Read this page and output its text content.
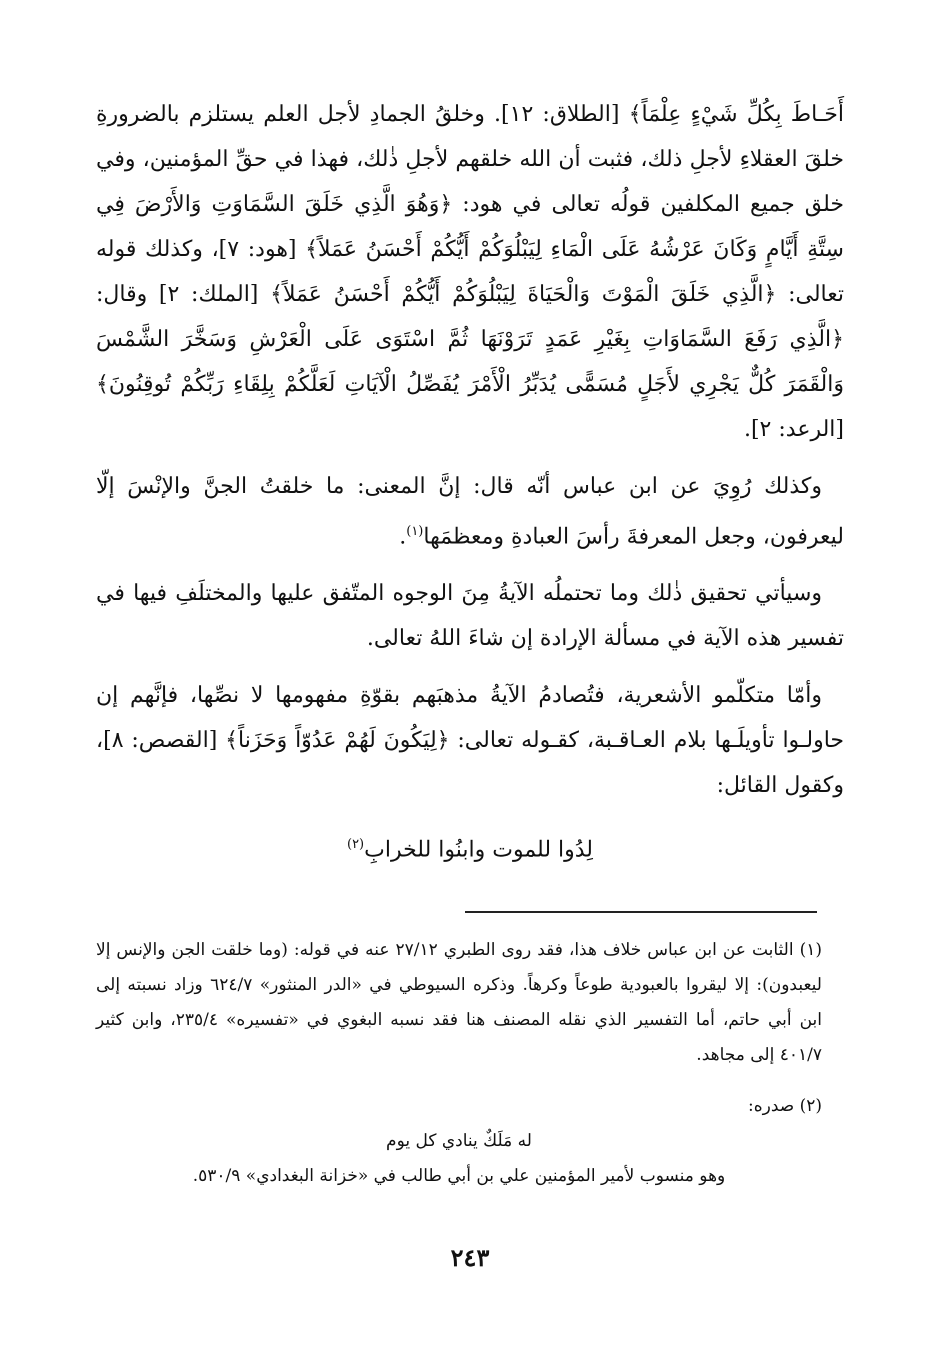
أَحَـاطَ بِكُلِّ شَيْءٍ عِلْمَاً﴾ [الطلاق: ١٢]. وخلقُ الجمادِ لأجل العلم يستلزم بالضرورةِ خلقَ العقلاءِ لأجلِ ذلك، فثبت أن الله خلقهم لأجلِ ذٰلك، فهذا في حقِّ المؤمنين، وفي خلق جميع المكلفين قولُه تعالى في هود: ﴿وَهُوَ الَّذِي خَلَقَ السَّمَاوَتِ وَالأَرْضَ فِي سِتَّةِ أَيَّامٍ وَكَانَ عَرْشُهُ عَلَى الْمَاءِ لِيَبْلُوَكُمْ أَيُّكُمْ أَحْسَنُ عَمَلاً﴾ [هود: ٧]، وكذلك قوله تعالى: ﴿الَّذِي خَلَقَ الْمَوْتَ وَالْحَيَاةَ لِيَبْلُوَكُمْ أَيُّكُمْ أَحْسَنُ عَمَلاً﴾ [الملك: ٢] وقال: ﴿الَّذِي رَفَعَ السَّمَاوَاتِ بِغَيْرِ عَمَدٍ تَرَوْنَهَا ثُمَّ اسْتَوَى عَلَى الْعَرْشِ وَسَخَّرَ الشَّمْسَ وَالْقَمَرَ كُلٌّ يَجْرِي لأَجَلٍ مُسَمًّى يُدَبِّرُ الْأَمْرَ يُفَصِّلُ الْآيَاتِ لَعَلَّكُمْ بِلِقَاءِ رَبِّكُمْ تُوقِنُونَ﴾ [الرعد: ٢].

وكذلك رُوِيَ عن ابن عباس أنّه قال: إنَّ المعنى: ما خلقتُ الجنَّ والإنْسَ إلّا ليعرفون، وجعل المعرفةَ رأسَ العبادةِ ومعظمَها$^{(١)}$.

وسيأتي تحقيق ذٰلك وما تحتملُه الآيةُ مِنَ الوجوه المتّفق عليها والمختلَفِ فيها في تفسير هذه الآية في مسألة الإرادة إن شاءَ اللهُ تعالى.

وأمّا متكلّمو الأشعرية، فتُصادمُ الآيةُ مذهبَهم بقوّةِ مفهومها لا نصِّها، فإنَّهم إن حاولـوا تأويلَـها بلام العـاقـبة، كقـوله تعالى: ﴿لِيَكُونَ لَهُمْ عَدُوّاً وَحَزَناً﴾ [القصص: ٨]، وكقول القائل:

لِدُوا للموت وابنُوا للخرابِ$^{(٢)}$

(١) الثابت عن ابن عباس خلاف هذا، فقد روى الطبري ٢٧/١٢ عنه في قوله: (وما خلقت الجن والإنس إلا ليعبدون): إلا ليقروا بالعبودية طوعاً وكرهاً. وذكره السيوطي في «الدر المنثور» ٦٢٤/٧ وزاد نسبته إلى ابن أبي حاتم، أما التفسير الذي نقله المصنف هنا فقد نسبه البغوي في «تفسيره» ٢٣٥/٤، وابن كثير ٤٠١/٧ إلى مجاهد.

(٢) صدره:

له مَلَكٌ ينادي كل يوم

وهو منسوب لأمير المؤمنين علي بن أبي طالب في «خزانة البغدادي» ٥٣٠/٩.

٢٤٣
